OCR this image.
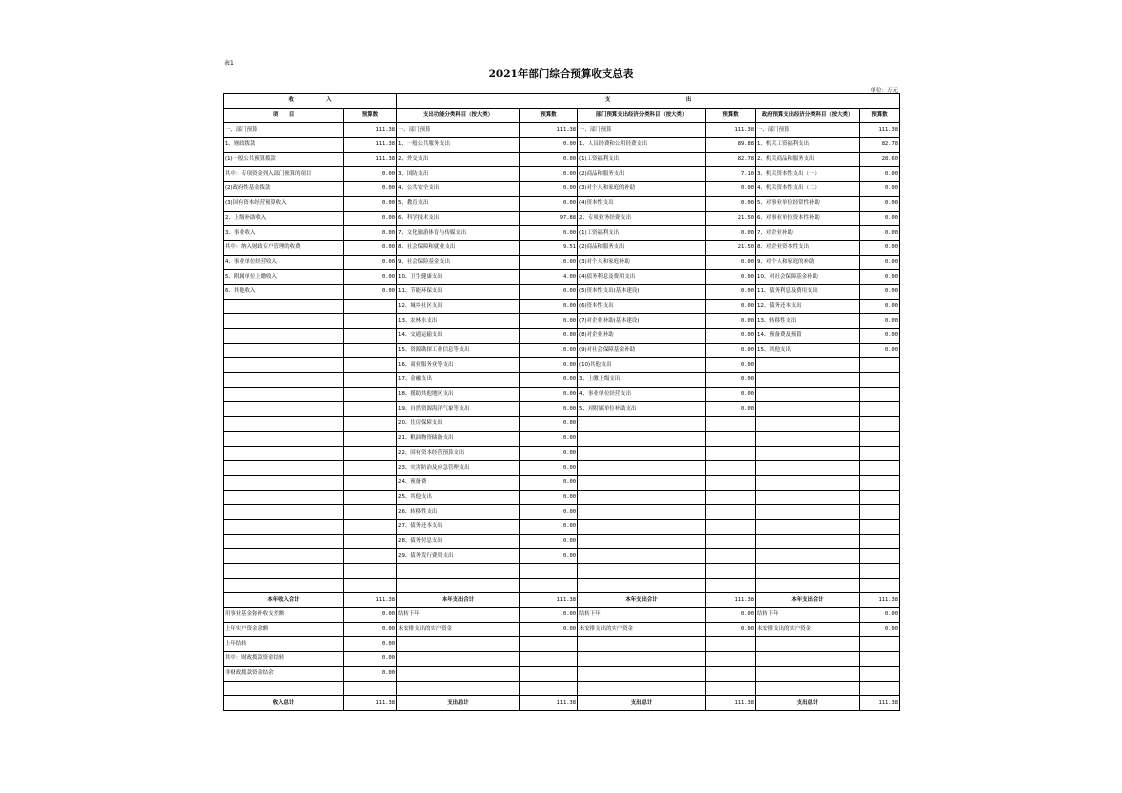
表1
2021年部门综合预算收支总表
单位：万元
收　　　　　　入		支　　　　　　　　　　　　　　出					
项　　目	预算数	支出功能分类科目（按大类）	预算数	部门预算支出经济分类科目（按大类）	预算数	政府预算支出经济分类科目（按大类）	预算数
一、部门预算	111.38	一、部门预算	111.38	一、部门预算	111.38	一、部门预算	111.38
1、财政拨款	111.38	1、一般公共服务支出	0.00	1、人员经费和公用经费支出	89.88	1、机关工资福利支出	82.78
(1)一般公共预算拨款	111.38	2、外交支出	0.00	(1)工资福利支出	82.78	2、机关商品和服务支出	28.60
其中：专项资金列入部门预算的项目	0.00	3、国防支出	0.00	(2)商品和服务支出	7.10	3、机关资本性支出（一）	0.00
(2)政府性基金拨款	0.00	4、公共安全支出	0.00	(3)对个人和家庭的补助	0.00	4、机关资本性支出（二）	0.00
(3)国有资本经营预算收入	0.00	5、教育支出	0.00	(4)资本性支出	0.00	5、对事业单位经常性补助	0.00
2、上级补助收入	0.00	6、科学技术支出	97.88	2、专项业务经费支出	21.50	6、对事业单位资本性补助	0.00
3、事业收入	0.00	7、文化旅游体育与传媒支出	0.00	(1)工资福利支出	0.00	7、对企业补助	0.00
其中：纳入财政专户管理的收费	0.00	8、社会保障和就业支出	9.51	(2)商品和服务支出	21.50	8、对企业资本性支出	0.00
4、事业单位经营收入	0.00	9、社会保险基金支出	0.00	(3)对个人和家庭补助	0.00	9、对个人和家庭的补助	0.00
5、附属单位上缴收入	0.00	10、卫生健康支出	4.00	(4)债务利息及费用支出	0.00	10、对社会保障基金补助	0.00
6、其他收入	0.00	11、节能环保支出	0.00	(5)资本性支出(基本建设)	0.00	11、债务利息及费用支出	0.00
		12、城乡社区支出	0.00	(6)资本性支出	0.00	12、债务还本支出	0.00
		13、农林水支出	0.00	(7)对企业补助(基本建设)	0.00	13、转移性支出	0.00
		14、交通运输支出	0.00	(8)对企业补助	0.00	14、预备费及预留	0.00
		15、资源勘探工业信息等支出	0.00	(9)对社会保障基金补助	0.00	15、其他支出	0.00
		16、商业服务业等支出	0.00	(10)其他支出	0.00		
		17、金融支出	0.00	3、上缴上级支出	0.00		
		18、援助其他地区支出	0.00	4、事业单位经营支出	0.00		
		19、自然资源海洋气象等支出	0.00	5、对附属单位补助支出	0.00		
		20、住房保障支出	0.00				
		21、粮油物资储备支出	0.00				
		22、国有资本经营预算支出	0.00				
		23、灾害防治及应急管理支出	0.00				
		24、预备费	0.00				
		25、其他支出	0.00				
		26、转移性支出	0.00				
		27、债务还本支出	0.00				
		28、债务付息支出	0.00				
		29、债务发行费用支出	0.00				

本年收入合计	111.38	本年支出合计	111.38	本年支出合计	111.38	本年支出合计	111.38
用事业基金弥补收支差额	0.00	结转下年	0.00	结转下年	0.00	结转下年	0.00
上年实户资金余额	0.00	未安排支出的实户资金	0.00	未安排支出的实户资金	0.00	未安排支出的实户资金	0.00
上年结转	0.00						
其中：财政拨款资金结转	0.00						
非财政拨款资金结余	0.00						

收入总计	111.38	支出总计	111.38	支出总计	111.38	支出总计	111.38
